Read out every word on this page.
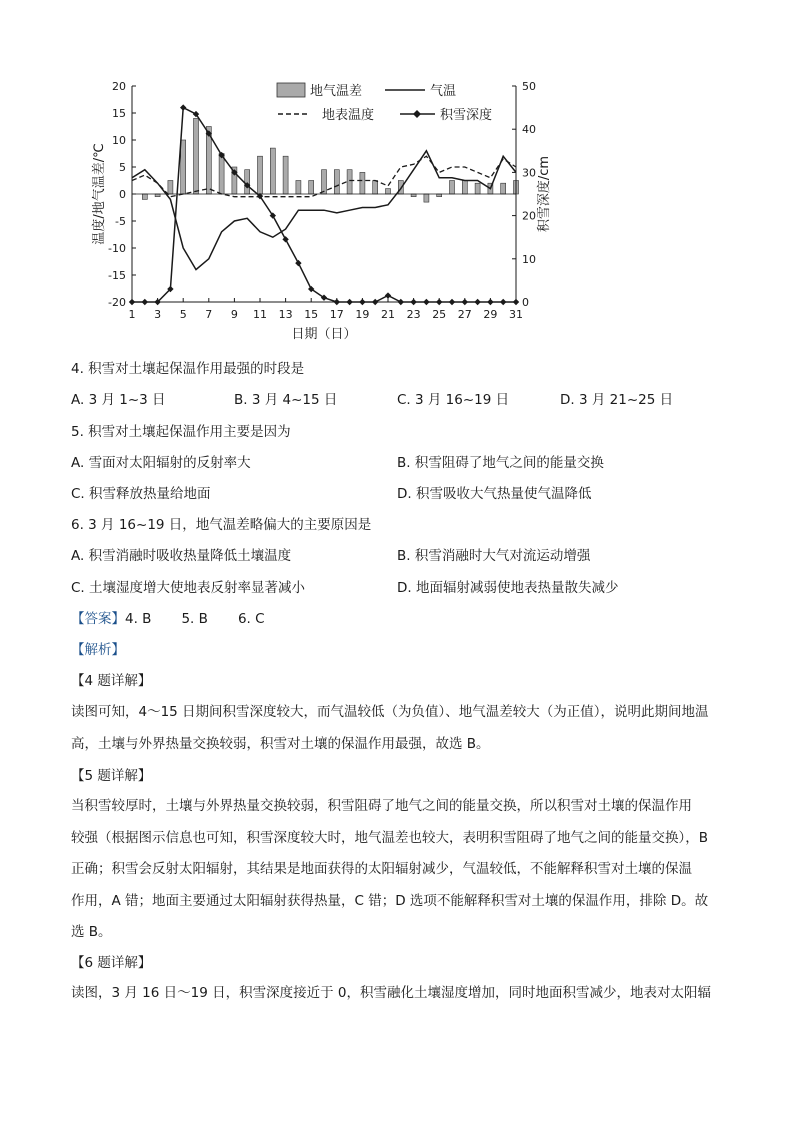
20
15
10
5
0
-5
-10
-15
-20
50
40
30
20
10
0
1 3 5 7 9 11 13 15 17 19 21 23 25 27 29 31
温度/地气温差/℃	积雪深度/cm
日期（日）
地气温差	气温
地表温度	积雪深度
4. 积雪对土壤起保温作用最强的时段是
A. 3 月 1~3 日	B. 3 月 4~15 日	C. 3 月 16~19 日	D. 3 月 21~25 日
5. 积雪对土壤起保温作用主要是因为
A. 雪面对太阳辐射的反射率大	B. 积雪阻碍了地气之间的能量交换
C. 积雪释放热量给地面	D. 积雪吸收大气热量使气温降低
6. 3 月 16~19 日，地气温差略偏大的主要原因是
A. 积雪消融时吸收热量降低土壤温度	B. 积雪消融时大气对流运动增强
C. 土壤湿度增大使地表反射率显著减小	D. 地面辐射减弱使地表热量散失减少
【答案】4. B       5. B       6. C
【解析】
【4 题详解】
读图可知，4～15 日期间积雪深度较大，而气温较低（为负值）、地气温差较大（为正值），说明此期间地温
高，土壤与外界热量交换较弱，积雪对土壤的保温作用最强，故选 B。
【5 题详解】
当积雪较厚时，土壤与外界热量交换较弱，积雪阻碍了地气之间的能量交换，所以积雪对土壤的保温作用
较强（根据图示信息也可知，积雪深度较大时，地气温差也较大，表明积雪阻碍了地气之间的能量交换），B
正确；积雪会反射太阳辐射，其结果是地面获得的太阳辐射减少，气温较低，不能解释积雪对土壤的保温
作用，A 错；地面主要通过太阳辐射获得热量，C 错；D 选项不能解释积雪对土壤的保温作用，排除 D。故
选 B。
【6 题详解】
读图，3 月 16 日～19 日，积雪深度接近于 0，积雪融化土壤湿度增加，同时地面积雪减少，地表对太阳辐
